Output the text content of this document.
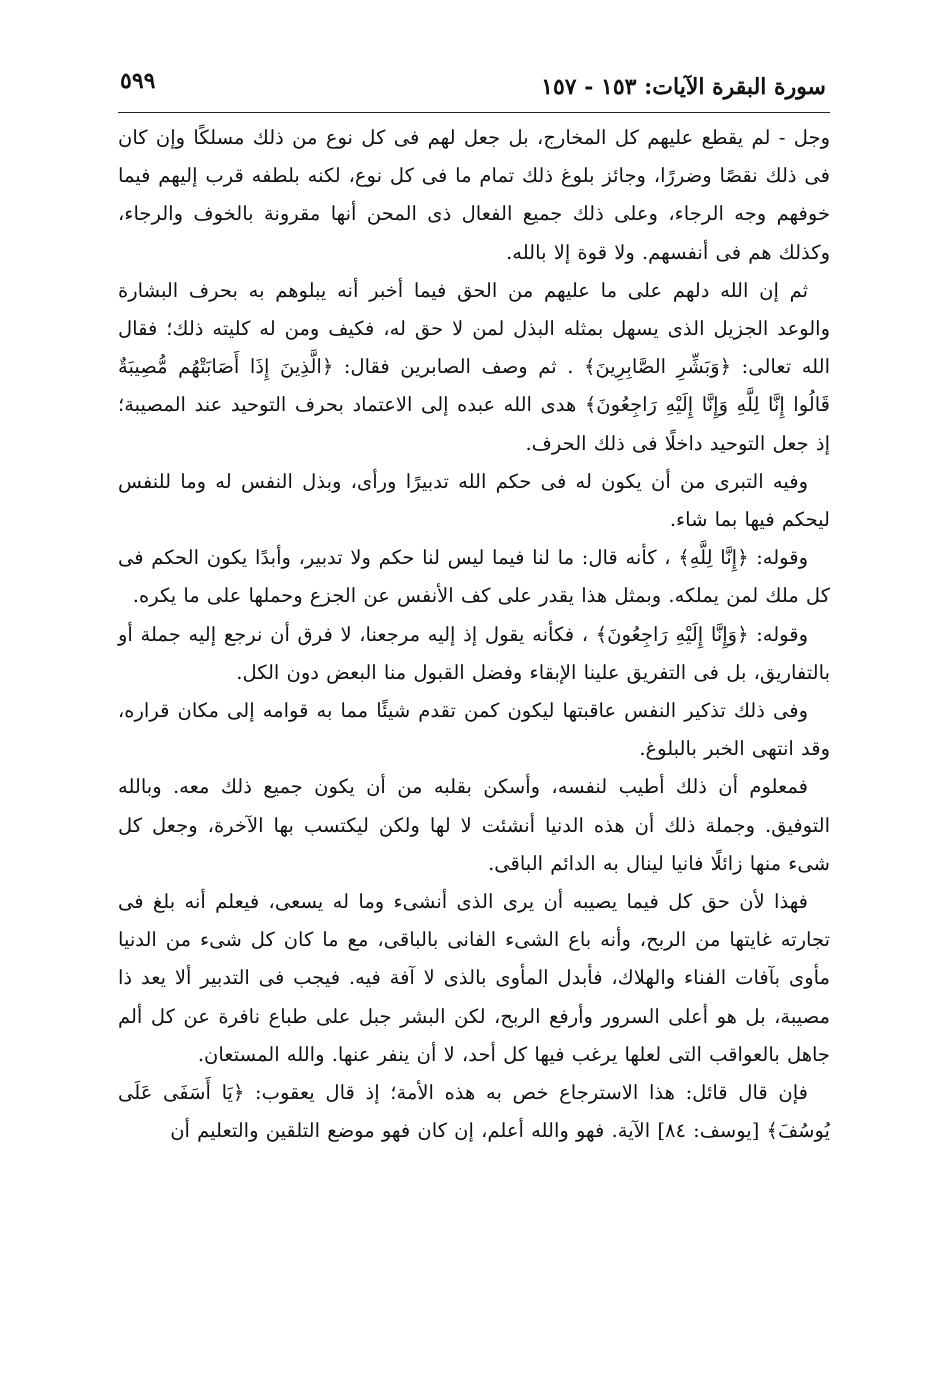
سورة البقرة الآيات: ١٥٣ - ١٥٧
٥٩٩

وجل - لم يقطع عليهم كل المخارج، بل جعل لهم فى كل نوع من ذلك مسلكًا وإن كان فى ذلك نقصًا وضررًا، وجائز بلوغ ذلك تمام ما فى كل نوع، لكنه بلطفه قرب إليهم فيما خوفهم وجه الرجاء، وعلى ذلك جميع الفعال ذى المحن أنها مقرونة بالخوف والرجاء، وكذلك هم فى أنفسهم. ولا قوة إلا بالله.

ثم إن الله دلهم على ما عليهم من الحق فيما أخبر أنه يبلوهم به بحرف البشارة والوعد الجزيل الذى يسهل بمثله البذل لمن لا حق له، فكيف ومن له كليته ذلك؛ فقال الله تعالى: ﴿وَبَشِّرِ الصَّابِرِينَ﴾ . ثم وصف الصابرين فقال: ﴿الَّذِينَ إِذَا أَصَابَتْهُم مُّصِيبَةٌ قَالُوا إِنَّا لِلَّهِ وَإِنَّا إِلَيْهِ رَاجِعُونَ﴾ هدى الله عبده إلى الاعتماد بحرف التوحيد عند المصيبة؛ إذ جعل التوحيد داخلًا فى ذلك الحرف.

وفيه التبرى من أن يكون له فى حكم الله تدبيرًا ورأى، وبذل النفس له وما للنفس ليحكم فيها بما شاء.

وقوله: ﴿إِنَّا لِلَّهِ﴾ ، كأنه قال: ما لنا فيما ليس لنا حكم ولا تدبير، وأبدًا يكون الحكم فى كل ملك لمن يملكه. وبمثل هذا يقدر على كف الأنفس عن الجزع وحملها على ما يكره.

وقوله: ﴿وَإِنَّا إِلَيْهِ رَاجِعُونَ﴾ ، فكأنه يقول إذ إليه مرجعنا، لا فرق أن نرجع إليه جملة أو بالتفاريق، بل فى التفريق علينا الإبقاء وفضل القبول منا البعض دون الكل.

وفى ذلك تذكير النفس عاقبتها ليكون كمن تقدم شيئًا مما به قوامه إلى مكان قراره، وقد انتهى الخبر بالبلوغ.

فمعلوم أن ذلك أطيب لنفسه، وأسكن بقلبه من أن يكون جميع ذلك معه. وبالله التوفيق. وجملة ذلك أن هذه الدنيا أنشئت لا لها ولكن ليكتسب بها الآخرة، وجعل كل شىء منها زائلًا فانيا لينال به الدائم الباقى.

فهذا لأن حق كل فيما يصيبه أن يرى الذى أنشىء وما له يسعى، فيعلم أنه بلغ فى تجارته غايتها من الربح، وأنه باع الشىء الفانى بالباقى، مع ما كان كل شىء من الدنيا مأوى بآفات الفناء والهلاك، فأبدل المأوى بالذى لا آفة فيه. فيجب فى التدبير ألا يعد ذا مصيبة، بل هو أعلى السرور وأرفع الربح، لكن البشر جبل على طباع نافرة عن كل ألم جاهل بالعواقب التى لعلها يرغب فيها كل أحد، لا أن ينفر عنها. والله المستعان.

فإن قال قائل: هذا الاسترجاع خص به هذه الأمة؛ إذ قال يعقوب: ﴿يَا أَسَفَى عَلَى يُوسُفَ﴾ [يوسف: ٨٤] الآية. فهو والله أعلم، إن كان فهو موضع التلقين والتعليم أن
